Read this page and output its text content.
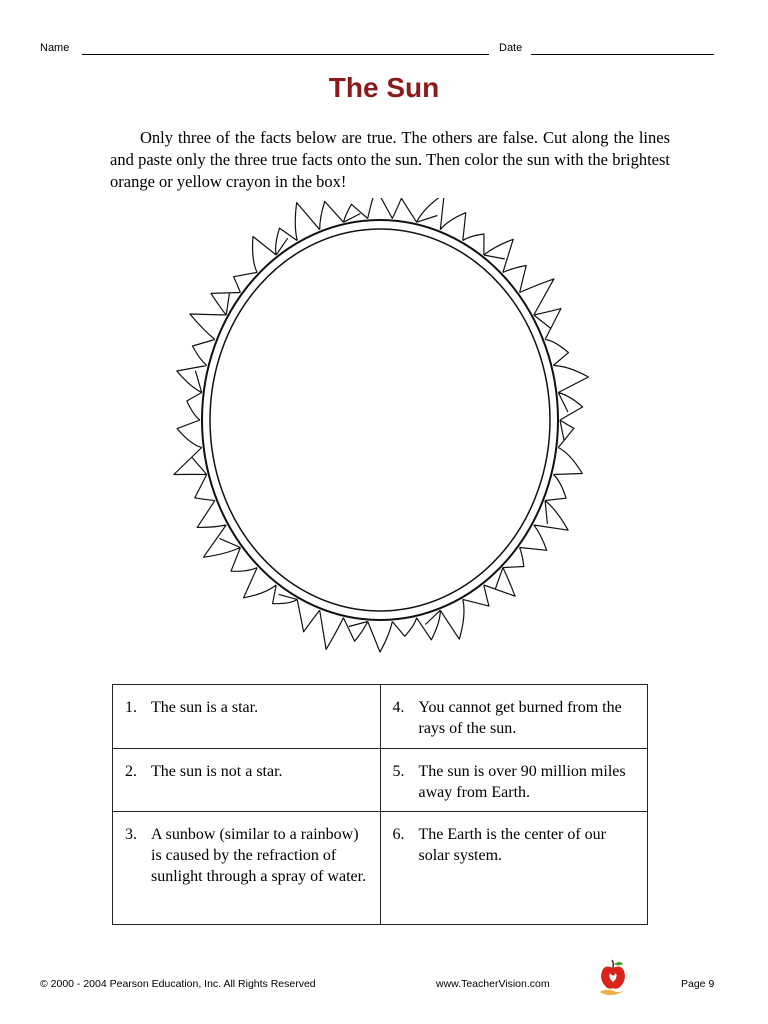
Name	Date
The Sun
Only three of the facts below are true. The others are false. Cut along the lines and paste only the three true facts onto the sun. Then color the sun with the brightest orange or yellow crayon in the box!
1. The sun is a star.	4. You cannot get burned from the rays of the sun.

2. The sun is not a star.	5. The sun is over 90 million miles away from Earth.

3. A sunbow (similar to a rainbow) is caused by the refraction of sunlight through a spray of water.	6. The Earth is the center of our solar system.
© 2000 - 2004 Pearson Education, Inc. All Rights Reserved	www.TeacherVision.com	Page 9
